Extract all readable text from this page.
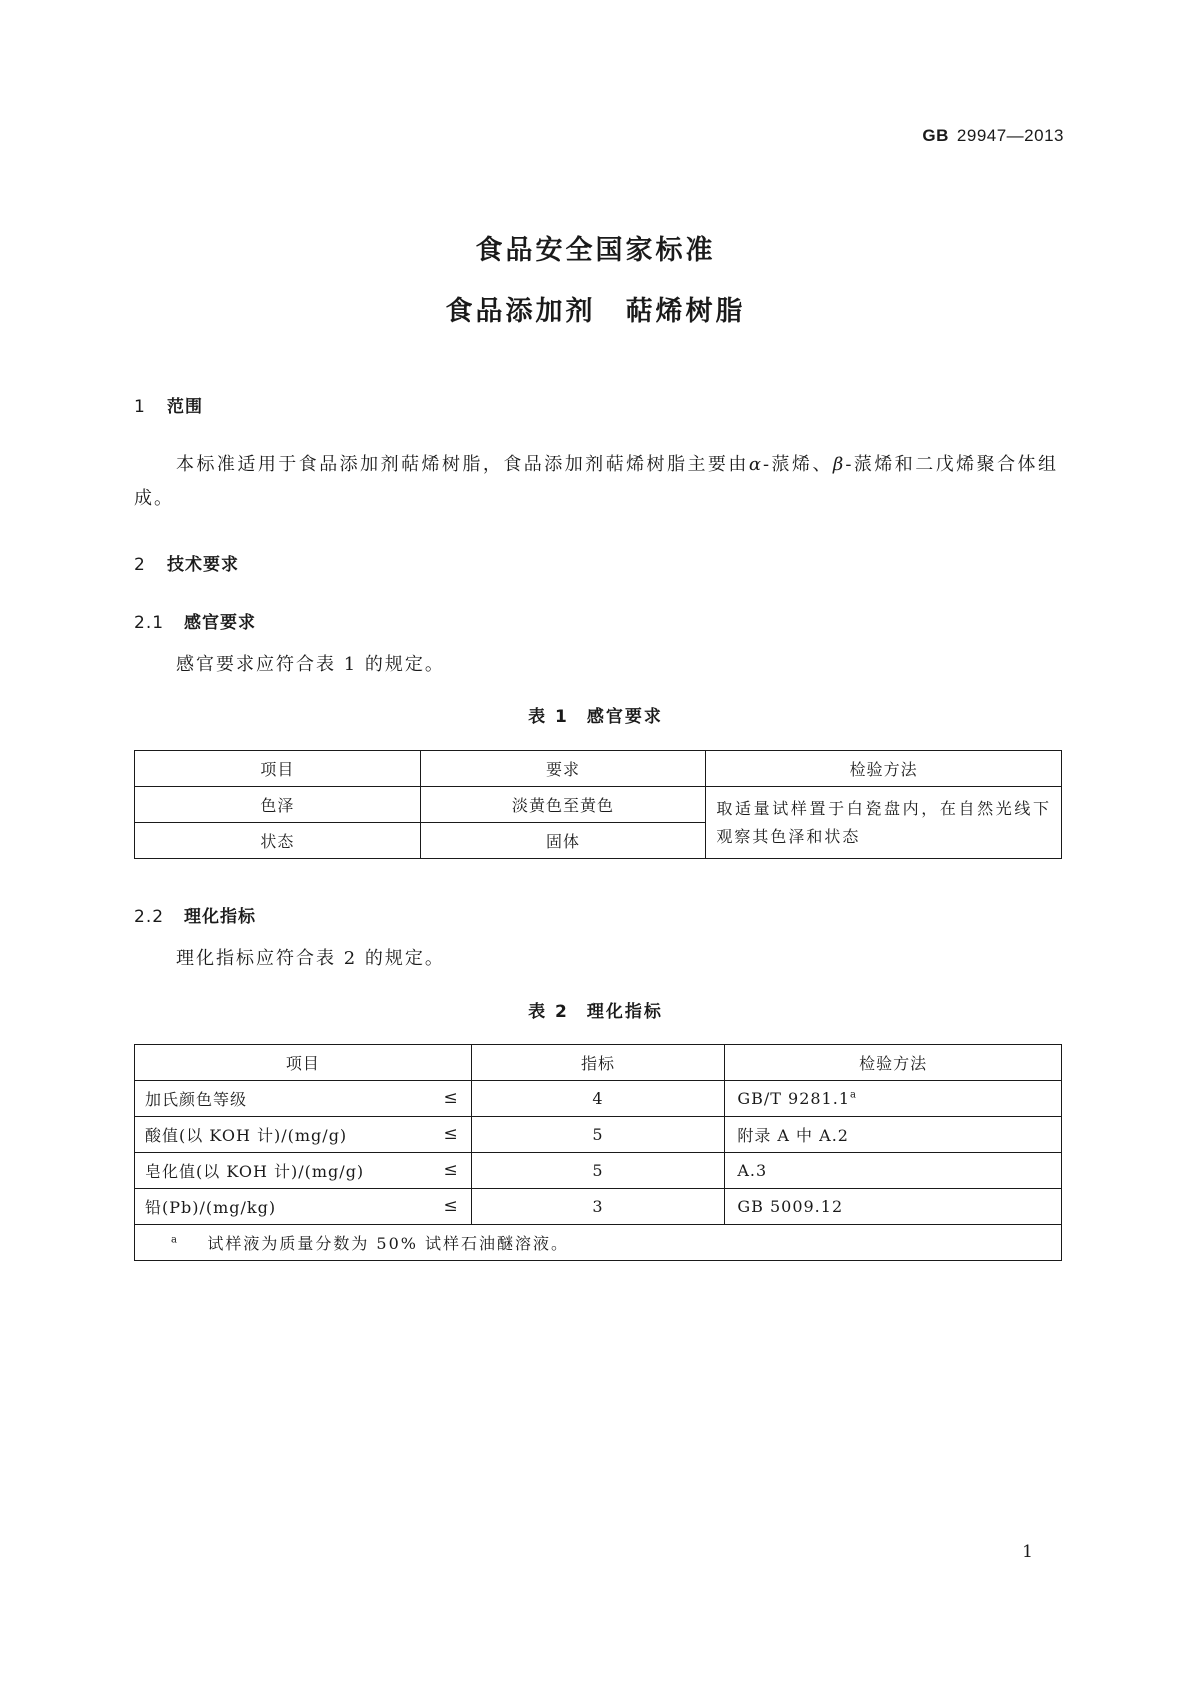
GB 29947—2013
食品安全国家标准
食品添加剂 萜烯树脂
1 范围
本标准适用于食品添加剂萜烯树脂，食品添加剂萜烯树脂主要由α-蒎烯、β-蒎烯和二戊烯聚合体组成。
2 技术要求
2.1 感官要求
感官要求应符合表 1 的规定。
表 1 感官要求
项目	要求	检验方法
色泽	淡黄色至黄色	取适量试样置于白瓷盘内，在自然光线下观察其色泽和状态
状态	固体	
2.2 理化指标
理化指标应符合表 2 的规定。
表 2 理化指标
项目	指标	检验方法
加氏颜色等级 ≤	4	GB/T 9281.1$^a$
酸值(以 KOH 计)/(mg/g) ≤	5	附录 A 中 A.2
皂化值(以 KOH 计)/(mg/g) ≤	5	A.3
铅(Pb)/(mg/kg) ≤	3	GB 5009.12
$^a$ 试样液为质量分数为 50% 试样石油醚溶液。		
1
